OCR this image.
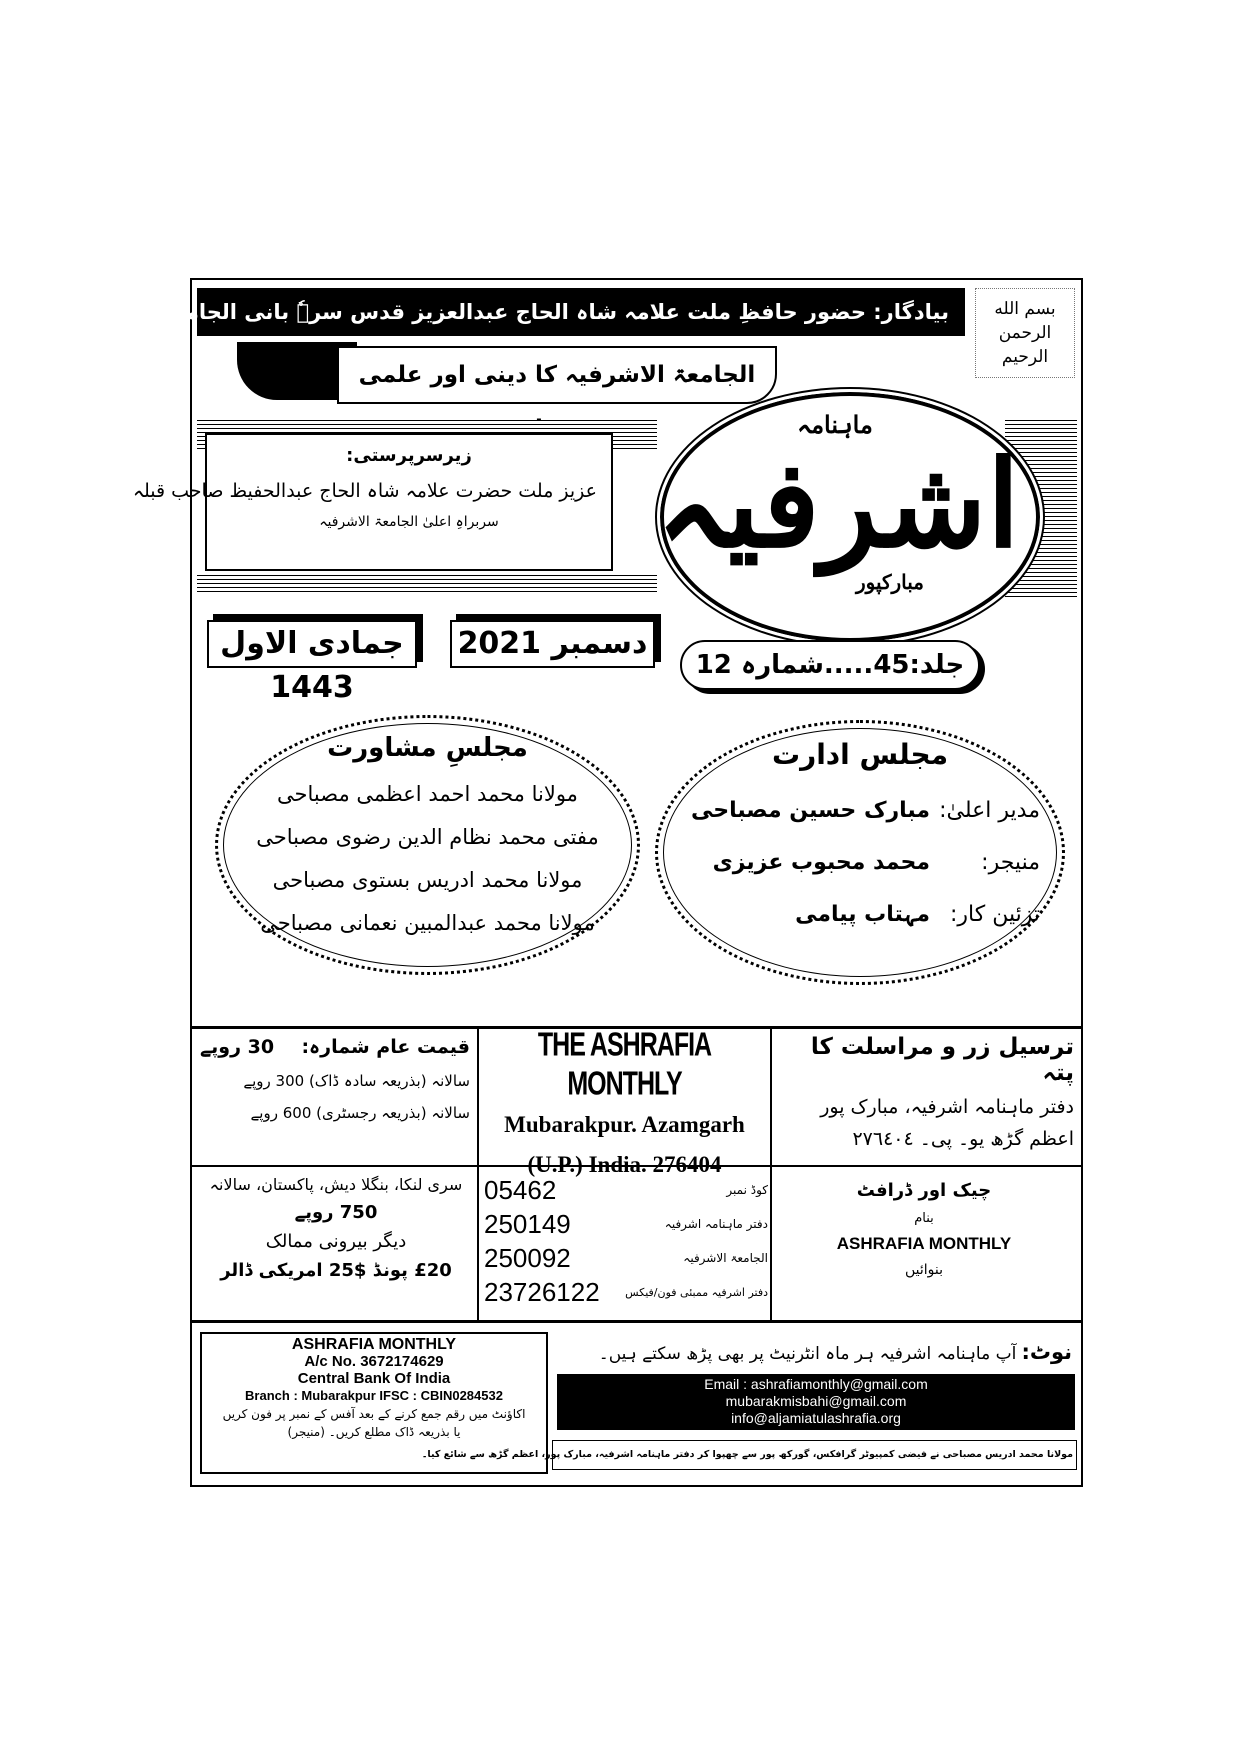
بسم الله الرحمن الرحيم
بیادگار: حضور حافظِ ملت علامہ شاہ الحاج عبدالعزیز قدس سرہٗ بانی الجامعۃ الاشرفیہ
الجامعۃ الاشرفیہ کا دینی اور علمی
زیرسرپرستی:
عزیز ملت حضرت علامہ شاہ الحاج عبدالحفیظ صاحب قبلہ
سربراہِ اعلیٰ الجامعۃ الاشرفیہ
ماہنامہ
اشرفیہ
مبارکپور
جمادی الاول 1443
دسمبر 2021
جلد:45.....شمارہ 12
مجلسِ مشاورت
مولانا محمد احمد اعظمی مصباحی
مفتی محمد نظام الدین رضوی مصباحی
مولانا محمد ادریس بستوی مصباحی
مولانا محمد عبدالمبین نعمانی مصباحی
مجلس ادارت
مدیر اعلیٰ:
مبارک حسین مصباحی
منیجر:
محمد محبوب عزیزی
تزئین کار:
مہتاب پیامی
قیمت عام شمارہ:
30 روپے
سالانہ (بذریعہ سادہ ڈاک) 300 روپے
سالانہ (بذریعہ رجسٹری) 600 روپے
THE ASHRAFIA MONTHLY
Mubarakpur. Azamgarh
(U.P.) India. 276404
ترسیل زر و مراسلت کا پتہ
دفتر ماہنامہ اشرفیہ، مبارک پور
اعظم گڑھ یو۔ پی۔ ٢٧٦٤٠٤
سری لنکا، بنگلا دیش، پاکستان، سالانہ
750 روپے
دیگر بیرونی ممالک
£20 پونڈ $25 امریکی ڈالر
05462	کوڈ نمبر
250149	دفتر ماہنامہ اشرفیہ
250092	الجامعۃ الاشرفیہ
23726122 دفتر اشرفیہ ممبئی فون/فیکس
چیک اور ڈرافٹ
بنام
ASHRAFIA MONTHLY
بنوائیں
ASHRAFIA MONTHLY
A/c No. 3672174629
Central Bank Of India
Branch : Mubarakpur IFSC : CBIN0284532
اکاؤنٹ میں رقم جمع کرنے کے بعد آفس کے نمبر پر فون کریں
یا بذریعہ ڈاک مطلع کریں۔ (منیجر)
نوٹ: آپ ماہنامہ اشرفیہ ہر ماہ انٹرنیٹ پر بھی پڑھ سکتے ہیں۔
Email : ashrafiamonthly@gmail.com
mubarakmisbahi@gmail.com
info@aljamiatulashrafia.org
مولانا محمد ادریس مصباحی نے فیضی کمپیوٹر گرافکس، گورکھ پور سے چھپوا کر دفتر ماہنامہ اشرفیہ، مبارک پور، اعظم گڑھ سے شائع کیا۔
